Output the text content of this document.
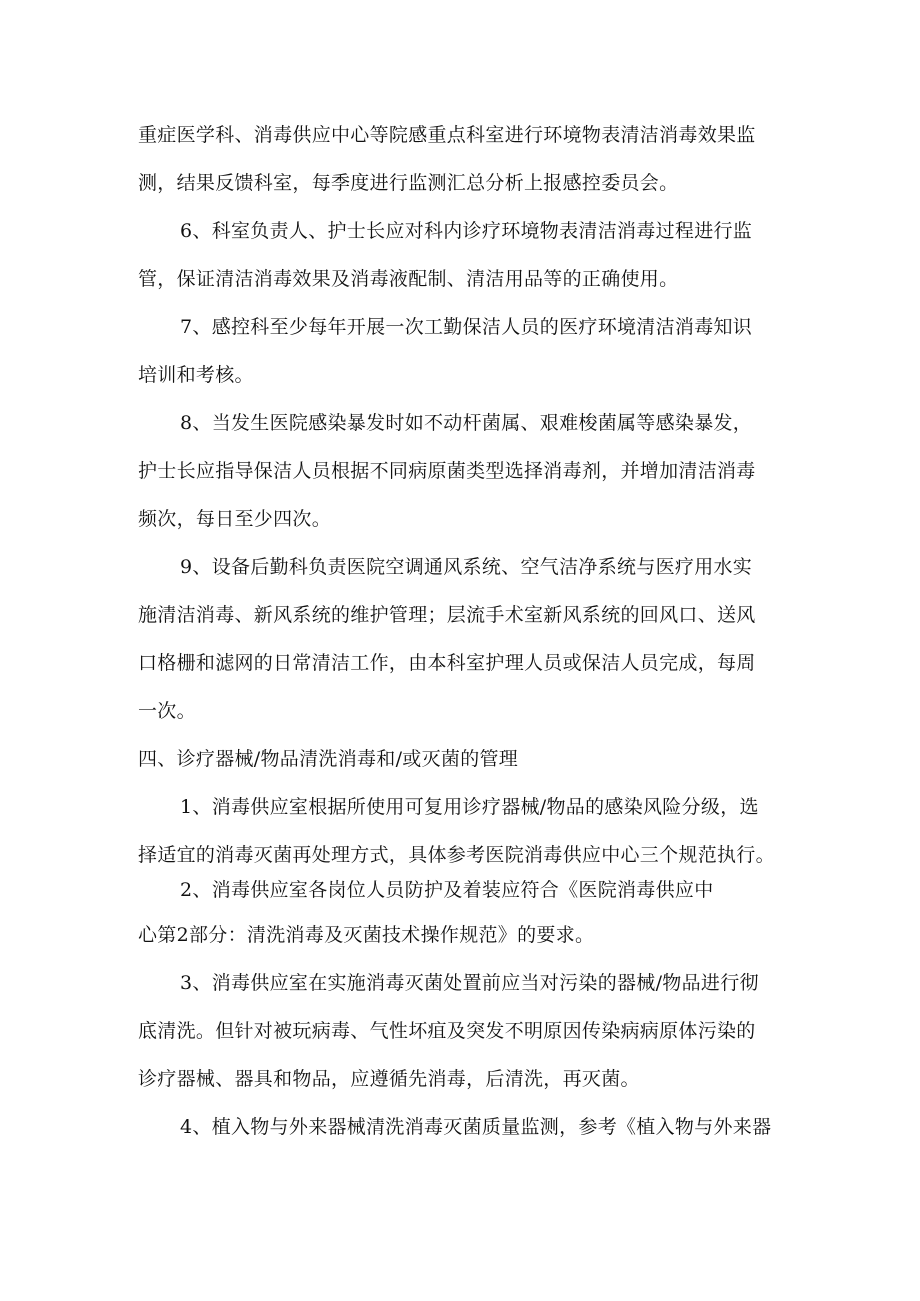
重症医学科、消毒供应中心等院感重点科室进行环境物表清洁消毒效果监
测，结果反馈科室，每季度进行监测汇总分析上报感控委员会。
6、科室负责人、护士长应对科内诊疗环境物表清洁消毒过程进行监
管，保证清洁消毒效果及消毒液配制、清洁用品等的正确使用。
7、感控科至少每年开展一次工勤保洁人员的医疗环境清洁消毒知识
培训和考核。
8、当发生医院感染暴发时如不动杆菌属、艰难梭菌属等感染暴发，
护士长应指导保洁人员根据不同病原菌类型选择消毒剂，并增加清洁消毒
频次，每日至少四次。
9、设备后勤科负责医院空调通风系统、空气洁净系统与医疗用水实
施清洁消毒、新风系统的维护管理；层流手术室新风系统的回风口、送风
口格栅和滤网的日常清洁工作，由本科室护理人员或保洁人员完成，每周
一次。
四、诊疗器械/物品清洗消毒和/或灭菌的管理
1、消毒供应室根据所使用可复用诊疗器械/物品的感染风险分级，选
择适宜的消毒灭菌再处理方式，具体参考医院消毒供应中心三个规范执行。
2、消毒供应室各岗位人员防护及着装应符合《医院消毒供应中
心第2部分：清洗消毒及灭菌技术操作规范》的要求。
3、消毒供应室在实施消毒灭菌处置前应当对污染的器械/物品进行彻
底清洗。但针对被玩病毒、气性坏疽及突发不明原因传染病病原体污染的
诊疗器械、器具和物品，应遵循先消毒，后清洗，再灭菌。
4、植入物与外来器械清洗消毒灭菌质量监测，参考《植入物与外来器
